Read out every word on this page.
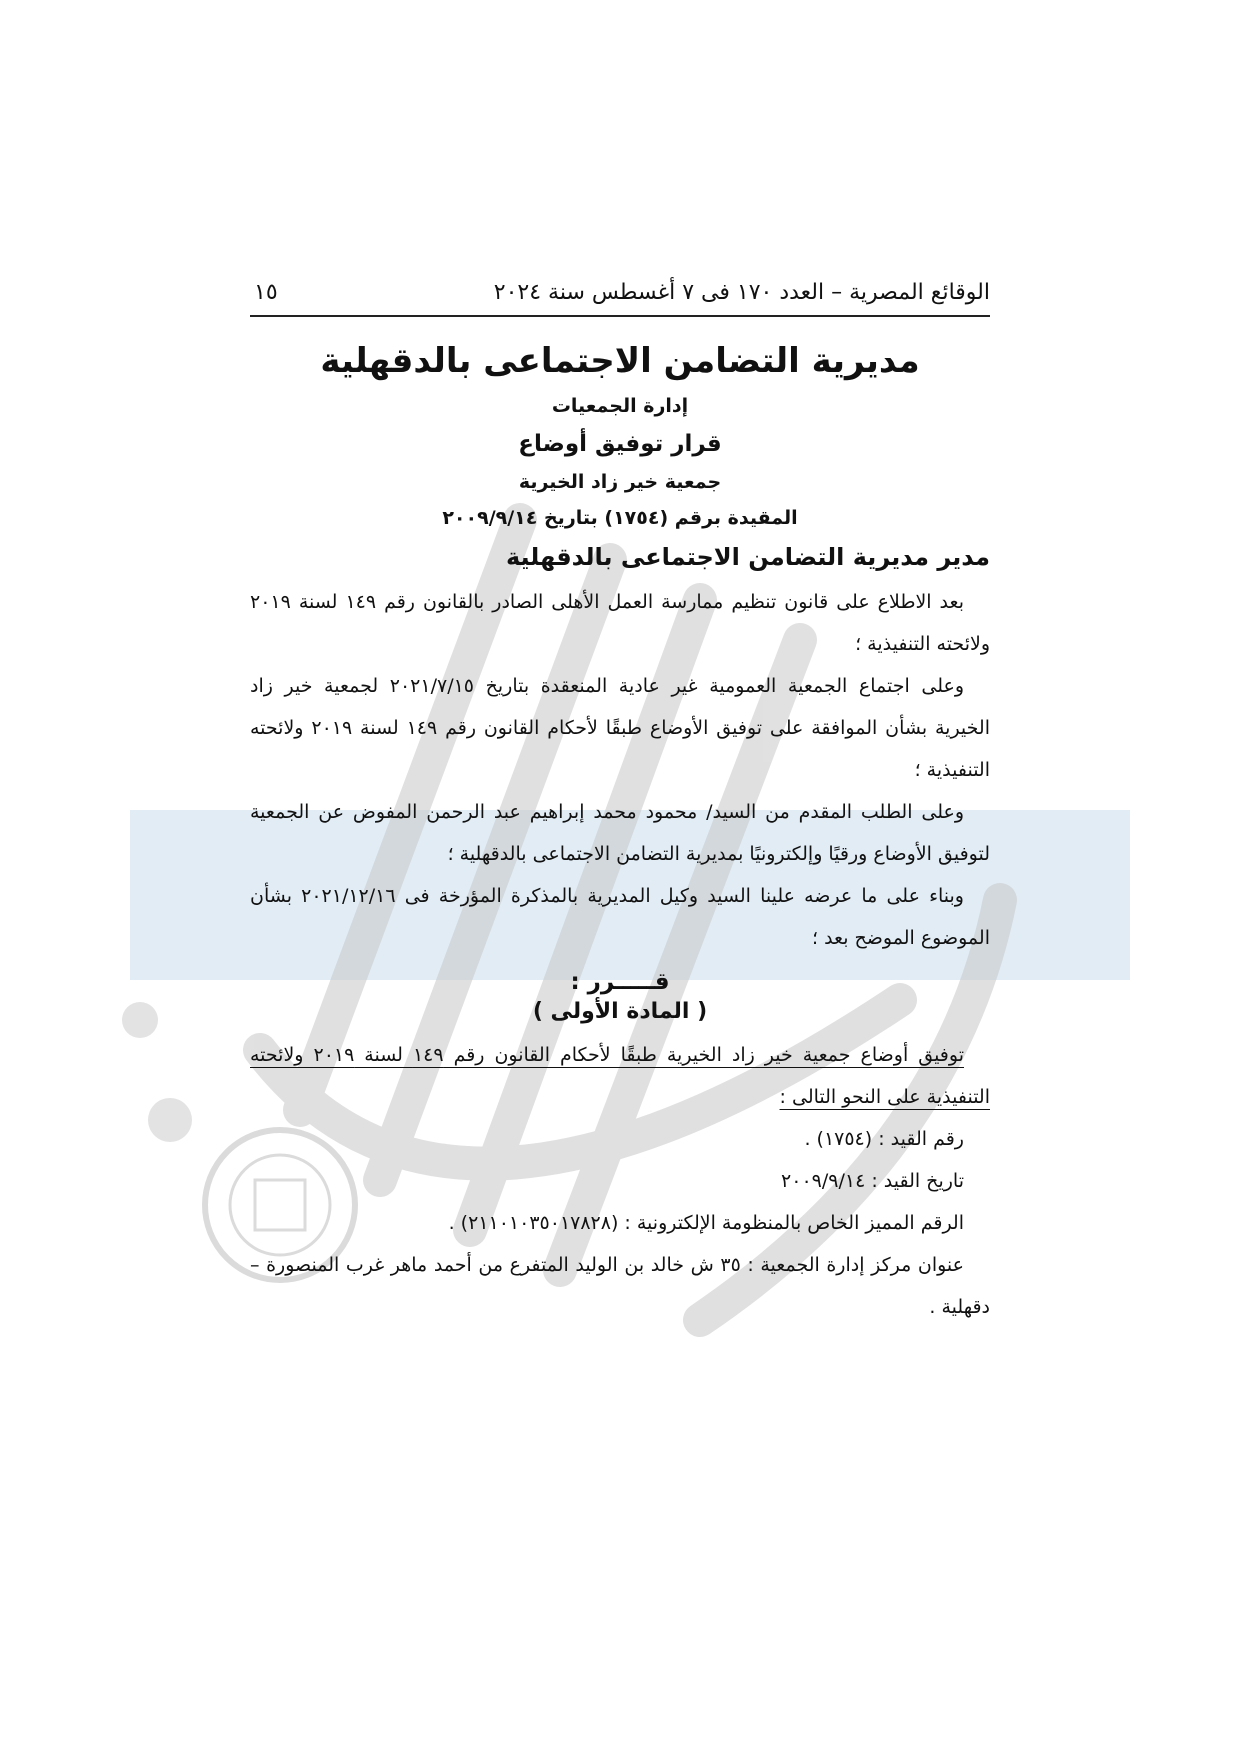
الوقائع المصرية – العدد ١٧٠ فى ٧ أغسطس سنة ٢٠٢٤
١٥
مديرية التضامن الاجتماعى بالدقهلية
إدارة الجمعيات
قرار توفيق أوضاع
جمعية خير زاد الخيرية
المقيدة برقم (١٧٥٤) بتاريخ ٢٠٠٩/٩/١٤
مدير مديرية التضامن الاجتماعى بالدقهلية

بعد الاطلاع على قانون تنظيم ممارسة العمل الأهلى الصادر بالقانون رقم ١٤٩ لسنة ٢٠١٩ ولائحته التنفيذية ؛

وعلى اجتماع الجمعية العمومية غير عادية المنعقدة بتاريخ ٢٠٢١/٧/١٥ لجمعية خير زاد الخيرية بشأن الموافقة على توفيق الأوضاع طبقًا لأحكام القانون رقم ١٤٩ لسنة ٢٠١٩ ولائحته التنفيذية ؛

وعلى الطلب المقدم من السيد/ محمود محمد إبراهيم عبد الرحمن المفوض عن الجمعية لتوفيق الأوضاع ورقيًا وإلكترونيًا بمديرية التضامن الاجتماعى بالدقهلية ؛

وبناء على ما عرضه علينا السيد وكيل المديرية بالمذكرة المؤرخة فى ٢٠٢١/١٢/١٦ بشأن الموضوع الموضح بعد ؛

قـــــرر :
( المادة الأولى )

توفيق أوضاع جمعية خير زاد الخيرية طبقًا لأحكام القانون رقم ١٤٩ لسنة ٢٠١٩ ولائحته التنفيذية على النحو التالى :

رقم القيد : (١٧٥٤) .

تاريخ القيد : ٢٠٠٩/٩/١٤

الرقم المميز الخاص بالمنظومة الإلكترونية : (٢١١٠١٠٣٥٠١٧٨٢٨) .

عنوان مركز إدارة الجمعية : ٣٥ ش خالد بن الوليد المتفرع من أحمد ماهر غرب المنصورة – دقهلية .
